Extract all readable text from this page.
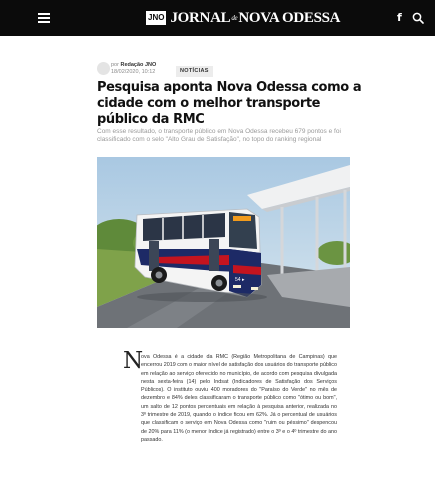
JNO JORNALdeNOVA ODESSA	f
por Redação JNO
18/02/2020, 10:12	NOTÍCIAS
Pesquisa aponta Nova Odessa como a cidade com o melhor transporte público da RMC

Com esse resultado, o transporte público em Nova Odessa recebeu 679 pontos e foi classificado com o selo "Alto Grau de Satisfação", no topo do ranking regional

54 ▸
N

ova Odessa é a cidade da RMC (Região Metropolitana de Campinas) que encerrou 2019 com o maior nível de satisfação dos usuários do transporte público em relação ao serviço oferecido no município, de acordo com pesquisa divulgada nesta sexta-feira (14) pelo Indsat (Indicadores de Satisfação dos Serviços Públicos). O instituto ouviu 400 moradores do "Paraíso do Verde" no mês de dezembro e 84% deles classificaram o transporte público como "ótimo ou bom", um salto de 12 pontos percentuais em relação à pesquisa anterior, realizada no 3º trimestre de 2019, quando o índice ficou em 62%. Já o percentual de usuários que classificam o serviço em Nova Odessa como "ruim ou péssimo" despencou de 20% para 11% (o menor índice já registrado) entre o 3º e o 4º trimestre do ano passado.
